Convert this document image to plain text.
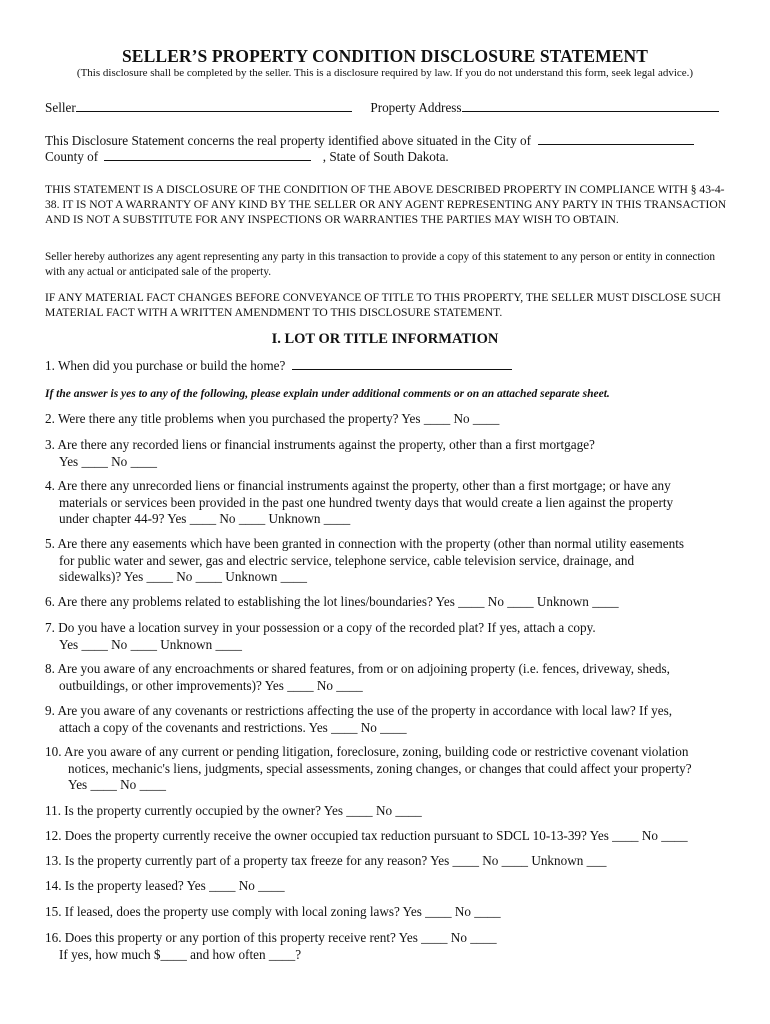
SELLER’S PROPERTY CONDITION DISCLOSURE STATEMENT
(This disclosure shall be completed by the seller. This is a disclosure required by law. If you do not understand this form, seek legal advice.)
Seller	Property Address
This Disclosure Statement concerns the real property identified above situated in the City of
County of	, State of South Dakota.
THIS STATEMENT IS A DISCLOSURE OF THE CONDITION OF THE ABOVE DESCRIBED PROPERTY IN COMPLIANCE WITH § 43-4-38. IT IS NOT A WARRANTY OF ANY KIND BY THE SELLER OR ANY AGENT REPRESENTING ANY PARTY IN THIS TRANSACTION AND IS NOT A SUBSTITUTE FOR ANY INSPECTIONS OR WARRANTIES THE PARTIES MAY WISH TO OBTAIN.
Seller hereby authorizes any agent representing any party in this transaction to provide a copy of this statement to any person or entity in connection with any actual or anticipated sale of the property.
IF ANY MATERIAL FACT CHANGES BEFORE CONVEYANCE OF TITLE TO THIS PROPERTY, THE SELLER MUST DISCLOSE SUCH MATERIAL FACT WITH A WRITTEN AMENDMENT TO THIS DISCLOSURE STATEMENT.
I. LOT OR TITLE INFORMATION
1. When did you purchase or build the home?
If the answer is yes to any of the following, please explain under additional comments or on an attached separate sheet.
2. Were there any title problems when you purchased the property? Yes ____ No ____
3. Are there any recorded liens or financial instruments against the property, other than a first mortgage?
Yes ____ No ____
4. Are there any unrecorded liens or financial instruments against the property, other than a first mortgage; or have any
materials or services been provided in the past one hundred twenty days that would create a lien against the property
under chapter 44-9? Yes ____ No ____ Unknown ____
5. Are there any easements which have been granted in connection with the property (other than normal utility easements
for public water and sewer, gas and electric service, telephone service, cable television service, drainage, and
sidewalks)? Yes ____ No ____ Unknown ____
6. Are there any problems related to establishing the lot lines/boundaries? Yes ____ No ____ Unknown ____
7. Do you have a location survey in your possession or a copy of the recorded plat? If yes, attach a copy.
Yes ____ No ____ Unknown ____
8. Are you aware of any encroachments or shared features, from or on adjoining property (i.e. fences, driveway, sheds,
outbuildings, or other improvements)? Yes ____ No ____
9. Are you aware of any covenants or restrictions affecting the use of the property in accordance with local law? If yes,
attach a copy of the covenants and restrictions. Yes ____ No ____
10. Are you aware of any current or pending litigation, foreclosure, zoning, building code or restrictive covenant violation
notices, mechanic's liens, judgments, special assessments, zoning changes, or changes that could affect your property?
Yes ____ No ____
11. Is the property currently occupied by the owner? Yes ____ No ____
12. Does the property currently receive the owner occupied tax reduction pursuant to SDCL 10-13-39? Yes ____ No ____
13. Is the property currently part of a property tax freeze for any reason? Yes ____ No ____ Unknown ___
14. Is the property leased? Yes ____ No ____
15. If leased, does the property use comply with local zoning laws? Yes ____ No ____
16. Does this property or any portion of this property receive rent? Yes ____ No ____
If yes, how much $____ and how often ____?
